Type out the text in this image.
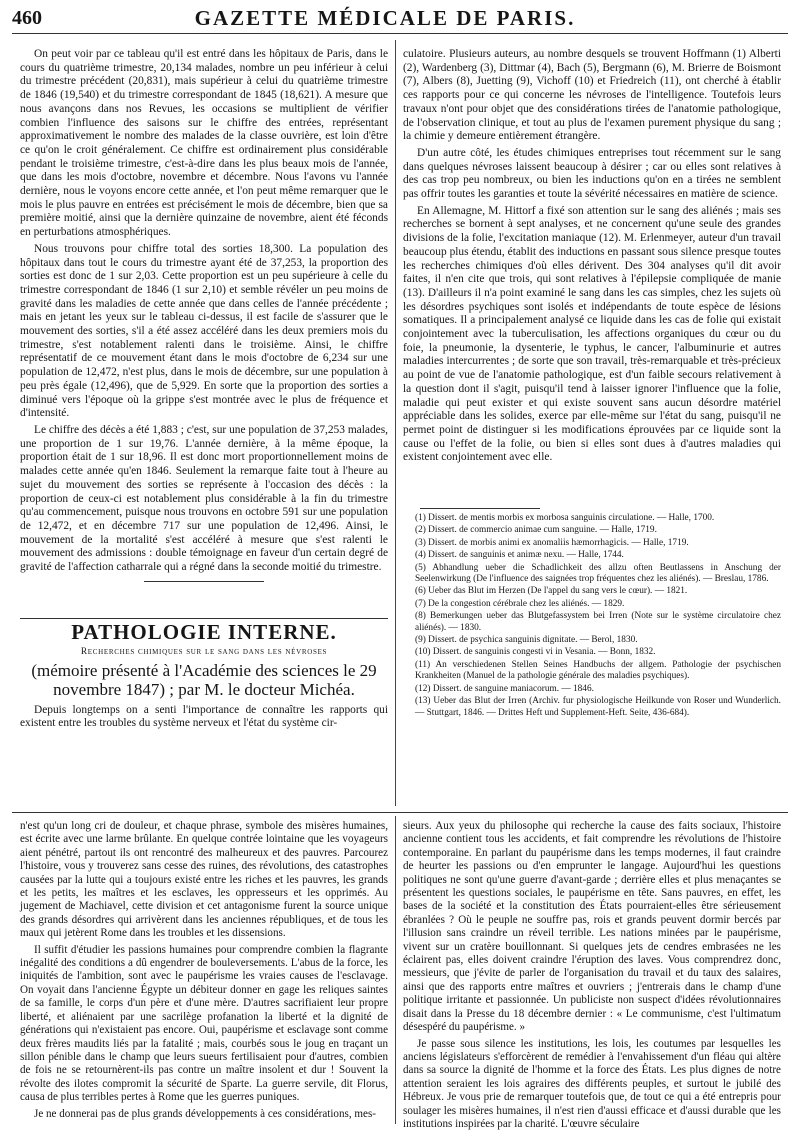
460	GAZETTE MÉDICALE DE PARIS.

On peut voir par ce tableau qu'il est entré dans les hôpitaux de Paris, dans le cours du quatrième trimestre, 20,134 malades, nombre un peu inférieur à celui du trimestre précédent (20,831), mais supérieur à celui du quatrième trimestre de 1846 (19,540) et du trimestre correspondant de 1845 (18,621). A mesure que nous avançons dans nos Revues, les occasions se multiplient de vérifier combien l'influence des saisons sur le chiffre des entrées, représentant approximativement le nombre des malades de la classe ouvrière, est loin d'être ce qu'on le croit généralement. Ce chiffre est ordinairement plus considérable pendant le troisième trimestre, c'est-à-dire dans les plus beaux mois de l'année, que dans les mois d'octobre, novembre et décembre. Nous l'avons vu l'année dernière, nous le voyons encore cette année, et l'on peut même remarquer que le mois le plus pauvre en entrées est précisément le mois de décembre, bien que sa première moitié, ainsi que la dernière quinzaine de novembre, aient été féconds en perturbations atmosphériques.

Nous trouvons pour chiffre total des sorties 18,300. La population des hôpitaux dans tout le cours du trimestre ayant été de 37,253, la proportion des sorties est donc de 1 sur 2,03. Cette proportion est un peu supérieure à celle du trimestre correspondant de 1846 (1 sur 2,10) et semble révéler un peu moins de gravité dans les maladies de cette année que dans celles de l'année précédente ; mais en jetant les yeux sur le tableau ci-dessus, il est facile de s'assurer que le mouvement des sorties, s'il a été assez accéléré dans les deux premiers mois du trimestre, s'est notablement ralenti dans le troisième. Ainsi, le chiffre représentatif de ce mouvement étant dans le mois d'octobre de 6,234 sur une population de 12,472, n'est plus, dans le mois de décembre, sur une population à peu près égale (12,496), que de 5,929. En sorte que la proportion des sorties a diminué vers l'époque où la grippe s'est montrée avec le plus de fréquence et d'intensité.

Le chiffre des décès a été 1,883 ; c'est, sur une population de 37,253 malades, une proportion de 1 sur 19,76. L'année dernière, à la même époque, la proportion était de 1 sur 18,96. Il est donc mort proportionnellement moins de malades cette année qu'en 1846. Seulement la remarque faite tout à l'heure au sujet du mouvement des sorties se représente à l'occasion des décès : la proportion de ceux-ci est notablement plus considérable à la fin du trimestre qu'au commencement, puisque nous trouvons en octobre 591 sur une population de 12,472, et en décembre 717 sur une population de 12,496. Ainsi, le mouvement de la mortalité s'est accéléré à mesure que s'est ralenti le mouvement des admissions : double témoignage en faveur d'un certain degré de gravité de l'affection catharrale qui a régné dans la seconde moitié du trimestre.

PATHOLOGIE INTERNE.

Recherches chimiques sur le sang dans les névroses

(mémoire présenté à l'Académie des sciences le 29 novembre 1847) ; par M. le docteur Michéa.

Depuis longtemps on a senti l'importance de connaître les rapports qui existent entre les troubles du système nerveux et l'état du système cir-

culatoire. Plusieurs auteurs, au nombre desquels se trouvent Hoffmann (1) Alberti (2), Wardenberg (3), Dittmar (4), Bach (5), Bergmann (6), M. Brierre de Boismont (7), Albers (8), Juetting (9), Vichoff (10) et Friedreich (11), ont cherché à établir ces rapports pour ce qui concerne les névroses de l'intelligence. Toutefois leurs travaux n'ont pour objet que des considérations tirées de l'anatomie pathologique, de l'observation clinique, et tout au plus de l'examen purement physique du sang ; la chimie y demeure entièrement étrangère.

D'un autre côté, les études chimiques entreprises tout récemment sur le sang dans quelques névroses laissent beaucoup à désirer ; car ou elles sont relatives à des cas trop peu nombreux, ou bien les inductions qu'on en a tirées ne semblent pas offrir toutes les garanties et toute la sévérité nécessaires en matière de science.

En Allemagne, M. Hittorf a fixé son attention sur le sang des aliénés ; mais ses recherches se bornent à sept analyses, et ne concernent qu'une seule des grandes divisions de la folie, l'excitation maniaque (12). M. Erlenmeyer, auteur d'un travail beaucoup plus étendu, établit des inductions en passant sous silence presque toutes les recherches chimiques d'où elles dérivent. Des 304 analyses qu'il dit avoir faites, il n'en cite que trois, qui sont relatives à l'épilepsie compliquée de manie (13). D'ailleurs il n'a point examiné le sang dans les cas simples, chez les sujets où les désordres psychiques sont isolés et indépendants de toute espèce de lésions somatiques. Il a principalement analysé ce liquide dans les cas de folie qui existait conjointement avec la tuberculisation, les affections organiques du cœur ou du foie, la pneumonie, la dysenterie, le typhus, le cancer, l'albuminurie et autres maladies intercurrentes ; de sorte que son travail, très-remarquable et très-précieux au point de vue de l'anatomie pathologique, est d'un faible secours relativement à la question dont il s'agit, puisqu'il tend à laisser ignorer l'influence que la folie, maladie qui peut exister et qui existe souvent sans aucun désordre matériel appréciable dans les solides, exerce par elle-même sur l'état du sang, puisqu'il ne permet point de distinguer si les modifications éprouvées par ce liquide sont la cause ou l'effet de la folie, ou bien si elles sont dues à d'autres maladies qui existent conjointement avec elle.

(1) Dissert. de mentis morbis ex morbosa sanguinis circulatione. — Halle, 1700.

(2) Dissert. de commercio animae cum sanguine. — Halle, 1719.

(3) Dissert. de morbis animi ex anomaliis hæmorrhagicis. — Halle, 1719.

(4) Dissert. de sanguinis et animæ nexu. — Halle, 1744.

(5) Abhandlung ueber die Schadlichkeit des allzu often Beutlassens in Anschung der Seelenwirkung (De l'influence des saignées trop fréquentes chez les aliénés). — Breslau, 1786.

(6) Ueber das Blut im Herzen (De l'appel du sang vers le cœur). — 1821.

(7) De la congestion cérébrale chez les aliénés. — 1829.

(8) Bemerkungen ueber das Blutgefassystem bei Irren (Note sur le système circulatoire chez aliénés). — 1830.

(9) Dissert. de psychica sanguinis dignitate. — Berol, 1830.

(10) Dissert. de sanguinis congesti vi in Vesania. — Bonn, 1832.

(11) An verschiedenen Stellen Seines Handbuchs der allgem. Pathologie der psychischen Krankheiten (Manuel de la pathologie générale des maladies psychiques).

(12) Dissert. de sanguine maniacorum. — 1846.

(13) Ueber das Blut der Irren (Archiv. fur physiologische Heilkunde von Roser und Wunderlich. — Stuttgart, 1846. — Drittes Heft und Supplement-Heft. Seite, 436-684).

n'est qu'un long cri de douleur, et chaque phrase, symbole des misères humaines, est écrite avec une larme brûlante. En quelque contrée lointaine que les voyageurs aient pénétré, partout ils ont rencontré des malheureux et des pauvres. Parcourez l'histoire, vous y trouverez sans cesse des ruines, des révolutions, des catastrophes causées par la lutte qui a toujours existé entre les riches et les pauvres, les grands et les petits, les maîtres et les esclaves, les oppresseurs et les opprimés. Au jugement de Machiavel, cette division et cet antagonisme furent la source unique des grands désordres qui arrivèrent dans les anciennes républiques, et de tous les maux qui jetèrent Rome dans les troubles et les dissensions.

Il suffit d'étudier les passions humaines pour comprendre combien la flagrante inégalité des conditions a dû engendrer de bouleversements. L'abus de la force, les iniquités de l'ambition, sont avec le paupérisme les vraies causes de l'esclavage. On voyait dans l'ancienne Égypte un débiteur donner en gage les reliques saintes de sa famille, le corps d'un père et d'une mère. D'autres sacrifiaient leur propre liberté, et aliénaient par une sacrilège profanation la liberté et la dignité de générations qui n'existaient pas encore. Oui, paupérisme et esclavage sont comme deux frères maudits liés par la fatalité ; mais, courbés sous le joug en traçant un sillon pénible dans le champ que leurs sueurs fertilisaient pour d'autres, combien de fois ne se retournèrent-ils pas contre un maître insolent et dur ! Souvent la révolte des ilotes compromit la sécurité de Sparte. La guerre servile, dit Florus, causa de plus terribles pertes à Rome que les guerres puniques.

Je ne donnerai pas de plus grands développements à ces considérations, mes-

sieurs. Aux yeux du philosophe qui recherche la cause des faits sociaux, l'histoire ancienne contient tous les accidents, et fait comprendre les révolutions de l'histoire contemporaine. En parlant du paupérisme dans les temps modernes, il faut craindre de heurter les passions ou d'en emprunter le langage. Aujourd'hui les questions politiques ne sont qu'une guerre d'avant-garde ; derrière elles et plus menaçantes se présentent les questions sociales, le paupérisme en tête. Sans pauvres, en effet, les bases de la société et la constitution des États pourraient-elles être sérieusement ébranlées ? Où le peuple ne souffre pas, rois et grands peuvent dormir bercés par l'illusion sans craindre un réveil terrible. Les nations minées par le paupérisme, vivent sur un cratère bouillonnant. Si quelques jets de cendres embrasées ne les éclairent pas, elles doivent craindre l'éruption des laves. Vous comprendrez donc, messieurs, que j'évite de parler de l'organisation du travail et du taux des salaires, ainsi que des rapports entre maîtres et ouvriers ; j'entrerais dans le champ d'une politique irritante et passionnée. Un publiciste non suspect d'idées révolutionnaires disait dans la Presse du 18 décembre dernier : « Le communisme, c'est l'ultimatum désespéré du paupérisme. »

Je passe sous silence les institutions, les lois, les coutumes par lesquelles les anciens législateurs s'efforcèrent de remédier à l'envahissement d'un fléau qui altère dans sa source la dignité de l'homme et la force des États. Les plus dignes de notre attention seraient les lois agraires des différents peuples, et surtout le jubilé des Hébreux. Je vous prie de remarquer toutefois que, de tout ce qui a été entrepris pour soulager les misères humaines, il n'est rien d'aussi efficace et d'aussi durable que les institutions inspirées par la charité. L'œuvre séculaire
